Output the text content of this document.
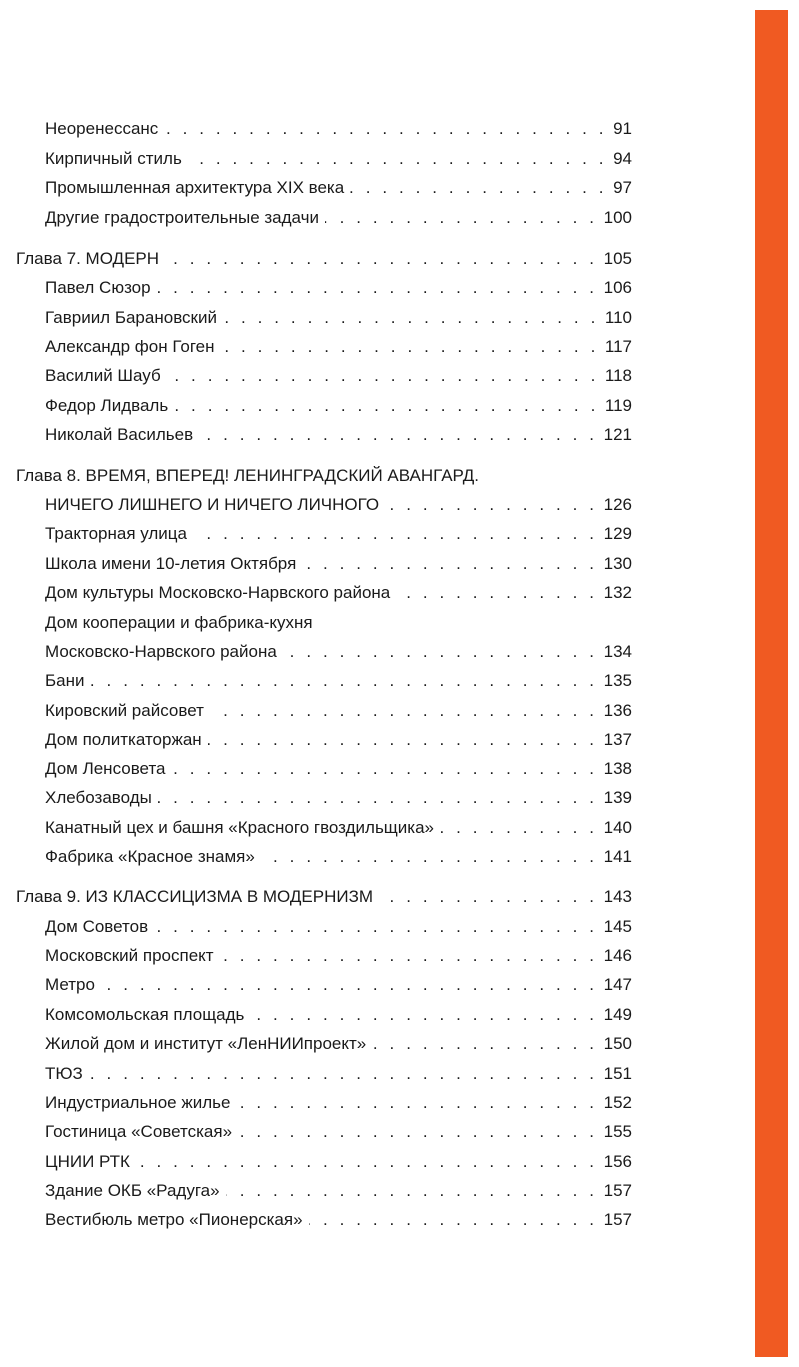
Неоренессанс . . .	91
Кирпичный стиль . . .	94
Промышленная архитектура XIX века . . .	97
Другие градостроительные задачи . . .	100
Глава 7. МОДЕРН . . .	105
Павел Сюзор . . .	106
Гавриил Барановский . . .	110
Александр фон Гоген . . .	117
Василий Шауб . . .	118
Федор Лидваль . . .	119
Николай Васильев . . .	121
Глава 8. ВРЕМЯ, ВПЕРЕД! ЛЕНИНГРАДСКИЙ АВАНГАРД.
НИЧЕГО ЛИШНЕГО И НИЧЕГО ЛИЧНОГО . . .	126
Тракторная улица . . .	129
Школа имени 10-летия Октября . . .	130
Дом культуры Московско-Нарвского района . . .	132
Дом кооперации и фабрика-кухня
Московско-Нарвского района . . .	134
Бани . . .	135
Кировский райсовет . . .	136
Дом политкаторжан . . .	137
Дом Ленсовета . . .	138
Хлебозаводы . . .	139
Канатный цех и башня «Красного гвоздильщика» . . .	140
Фабрика «Красное знамя» . . .	141
Глава 9. ИЗ КЛАССИЦИЗМА В МОДЕРНИЗМ . . .	143
Дом Советов . . .	145
Московский проспект . . .	146
Метро . . .	147
Комсомольская площадь . . .	149
Жилой дом и институт «ЛенНИИпроект» . . .	150
ТЮЗ . . .	151
Индустриальное жилье . . .	152
Гостиница «Советская» . . .	155
ЦНИИ РТК . . .	156
Здание ОКБ «Радуга» . . .	157
Вестибюль метро «Пионерская» . . .	157
